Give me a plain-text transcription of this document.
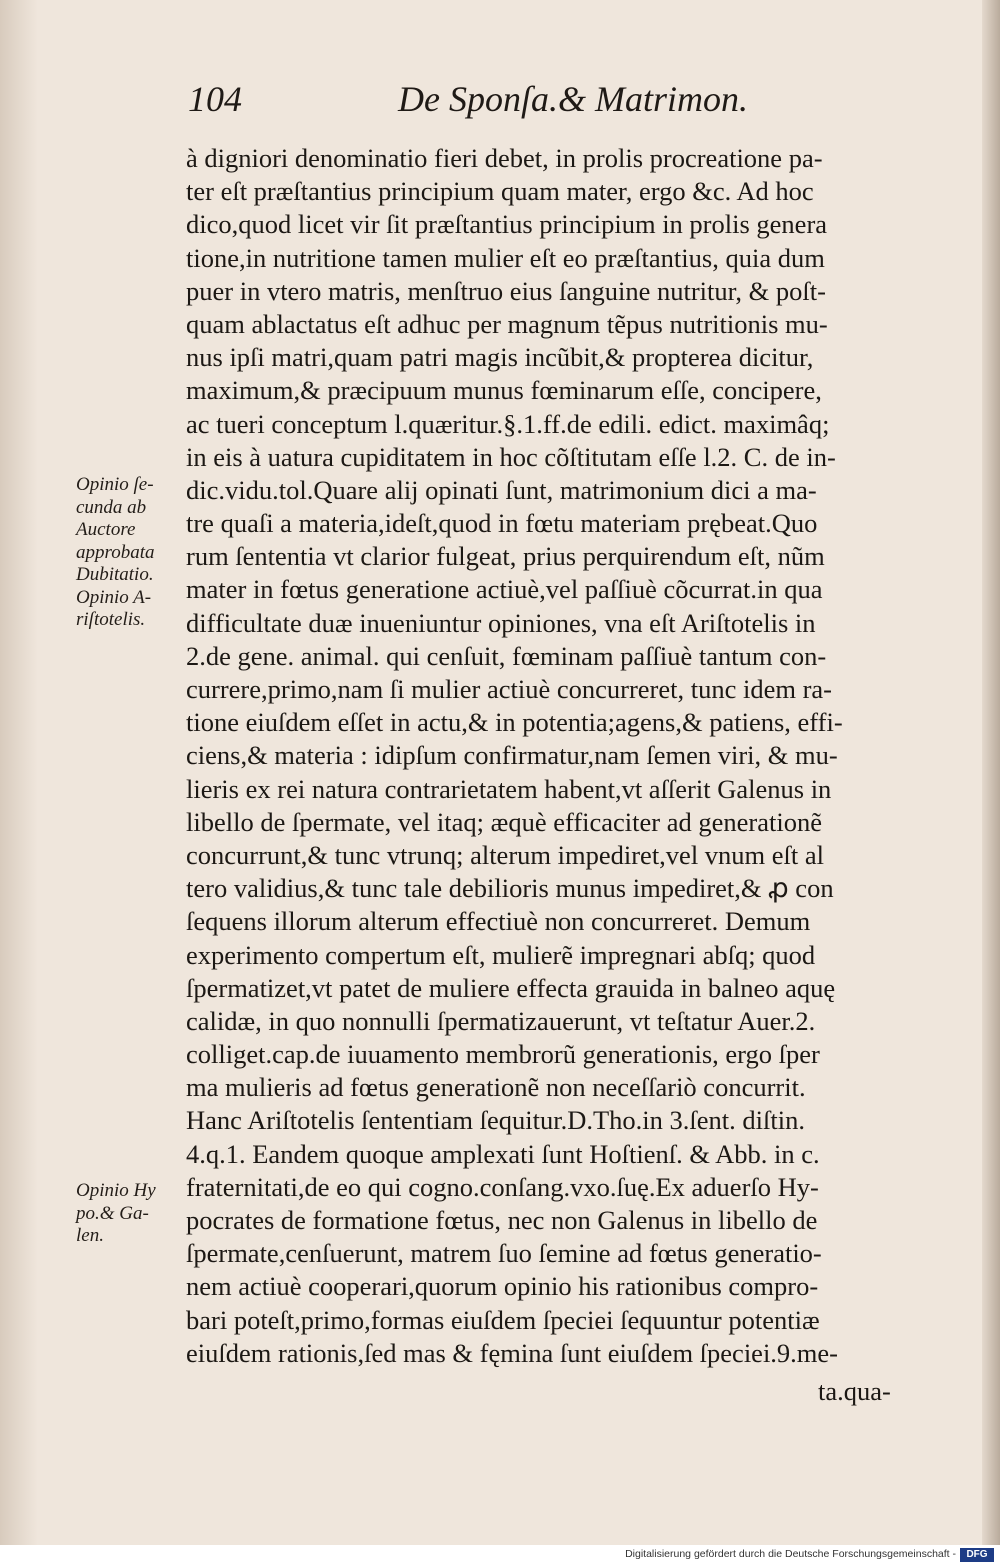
104	De Sponſa.& Matrimon.
Opinio ſe-
cunda ab
Auctore
approbata
Dubitatio.
Opinio A-
riſtotelis.
Opinio Hy
po.& Ga-
len.
à digniori denominatio fieri debet, in prolis procreatione pa-
ter eſt præſtantius principium quam mater, ergo &c. Ad hoc
dico,quod licet vir ſit præſtantius principium in prolis genera
tione,in nutritione tamen mulier eſt eo præſtantius, quia dum
puer in vtero matris, menſtruo eius ſanguine nutritur, & poſt-
quam ablactatus eſt adhuc per magnum tẽpus nutritionis mu-
nus ipſi matri,quam patri magis incũbit,& propterea dicitur,
maximum,& præcipuum munus fœminarum eſſe, concipere,
ac tueri conceptum l.quæritur.§.1.ff.de edili. edict. maximâq;
in eis à uatura cupiditatem in hoc cõſtitutam eſſe l.2. C. de in-
dic.vidu.tol.Quare alij opinati ſunt, matrimonium dici a ma-
tre quaſi a materia,ideſt,quod in fœtu materiam prębeat.Quo
rum ſententia vt clarior fulgeat, prius perquirendum eſt, nũm
mater in fœtus generatione actiuè,vel paſſiuè cõcurrat.in qua
difficultate duæ inueniuntur opiniones, vna eſt Ariſtotelis in
2.de gene. animal. qui cenſuit, fœminam paſſiuè tantum con-
currere,primo,nam ſi mulier actiuè concurreret, tunc idem ra-
tione eiuſdem eſſet in actu,& in potentia;agens,& patiens, effi-
ciens,& materia : idipſum confirmatur,nam ſemen viri, & mu-
lieris ex rei natura contrarietatem habent,vt aſſerit Galenus in
libello de ſpermate, vel itaq; æquè efficaciter ad generationẽ
concurrunt,& tunc vtrunq; alterum impediret,vel vnum eſt al
tero validius,& tunc tale debilioris munus impediret,& ꝓ con
ſequens illorum alterum effectiuè non concurreret. Demum
experimento compertum eſt, mulierẽ impregnari abſq; quod
ſpermatizet,vt patet de muliere effecta grauida in balneo aquę
calidæ, in quo nonnulli ſpermatizauerunt, vt teſtatur Auer.2.
colliget.cap.de iuuamento membrorũ generationis, ergo ſper
ma mulieris ad fœtus generationẽ non neceſſariò concurrit.
Hanc Ariſtotelis ſententiam ſequitur.D.Tho.in 3.ſent. diſtin.
4.q.1. Eandem quoque amplexati ſunt Hoſtienſ. & Abb. in c.
fraternitati,de eo qui cogno.conſang.vxo.ſuę.Ex aduerſo Hy-
pocrates de formatione fœtus, nec non Galenus in libello de
ſpermate,cenſuerunt, matrem ſuo ſemine ad fœtus generatio-
nem actiuè cooperari,quorum opinio his rationibus compro-
bari poteſt,primo,formas eiuſdem ſpeciei ſequuntur potentiæ
eiuſdem rationis,ſed mas & fęmina ſunt eiuſdem ſpeciei.9.me-
ta.qua-
Digitalisierung gefördert durch die Deutsche Forschungsgemeinschaft -	DFG
